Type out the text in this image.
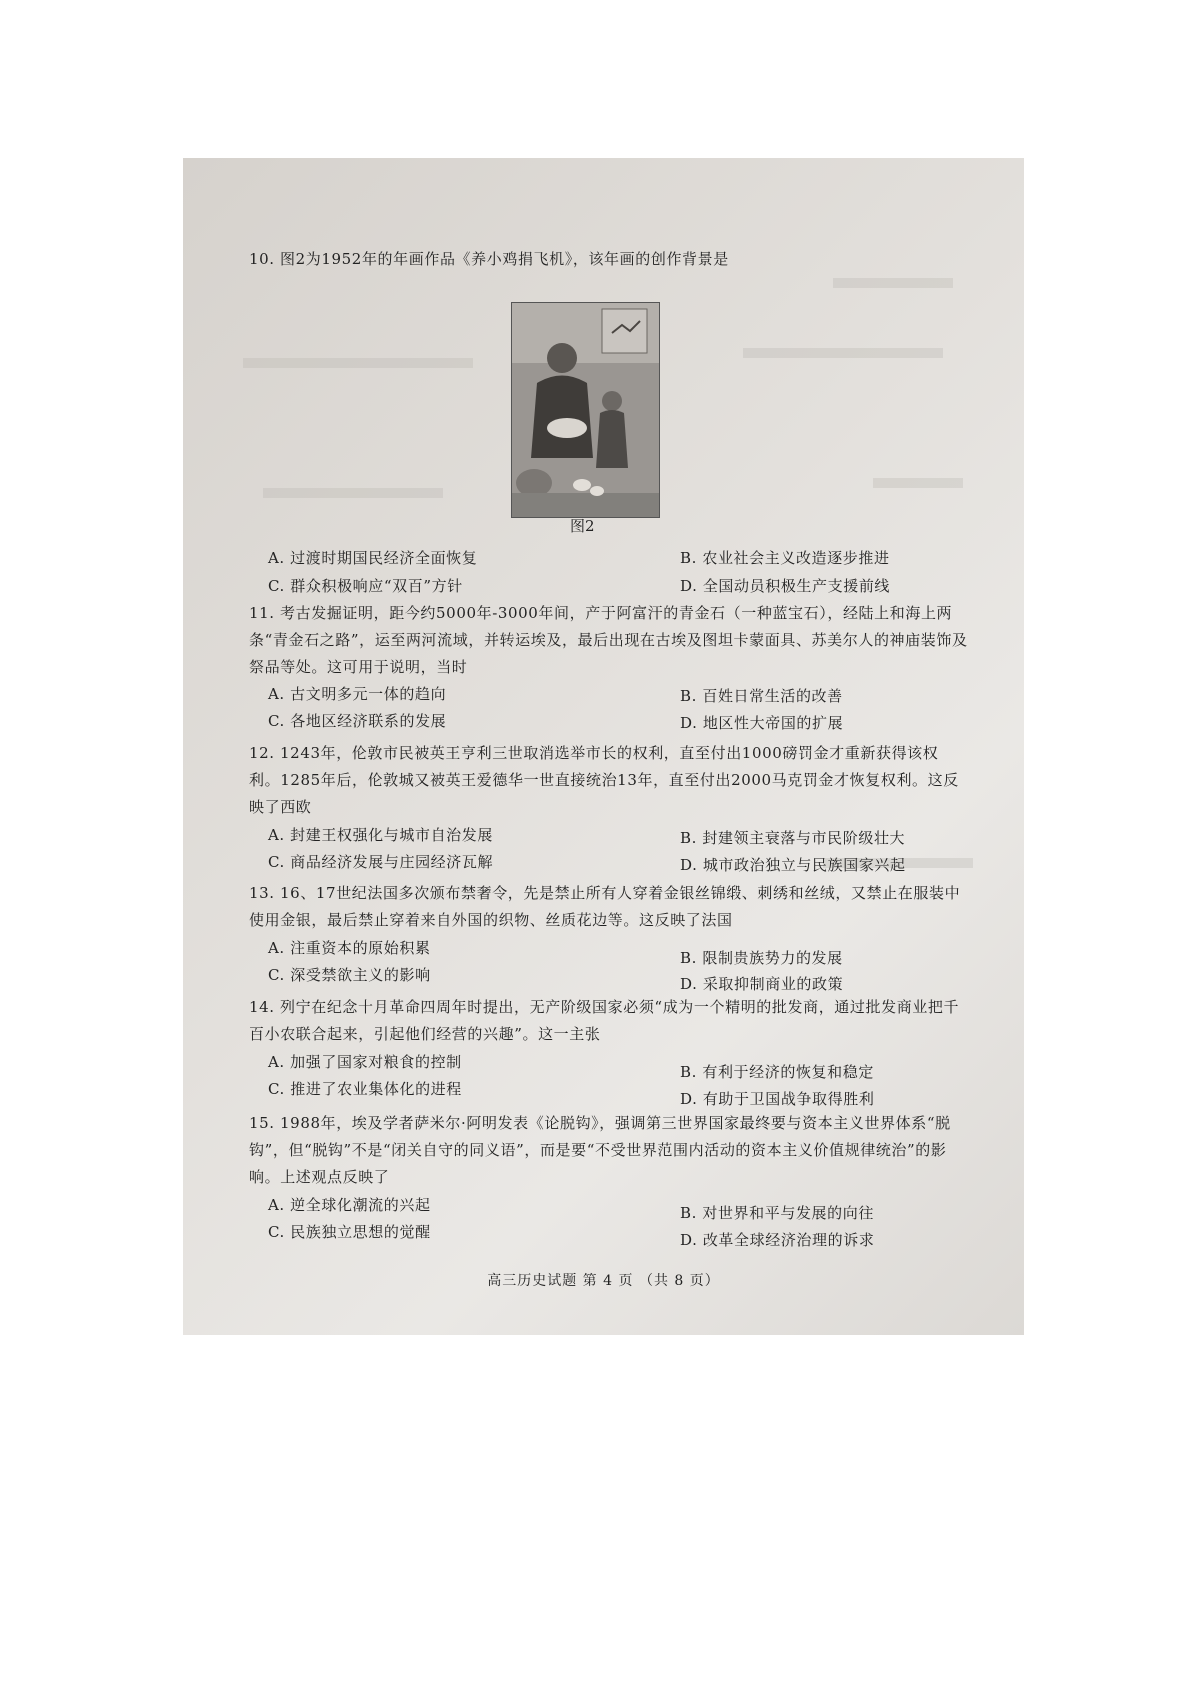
10. 图2为1952年的年画作品《养小鸡捐飞机》，该年画的创作背景是
图2
A. 过渡时期国民经济全面恢复	B. 农业社会主义改造逐步推进
C. 群众积极响应“双百”方针	D. 全国动员积极生产支援前线
11. 考古发掘证明，距今约5000年-3000年间，产于阿富汗的青金石（一种蓝宝石），经陆上和海上两条“青金石之路”，运至两河流域，并转运埃及，最后出现在古埃及图坦卡蒙面具、苏美尔人的神庙装饰及祭品等处。这可用于说明，当时
A. 古文明多元一体的趋向	B. 百姓日常生活的改善
C. 各地区经济联系的发展	D. 地区性大帝国的扩展
12. 1243年，伦敦市民被英王亨利三世取消选举市长的权利，直至付出1000磅罚金才重新获得该权利。1285年后，伦敦城又被英王爱德华一世直接统治13年，直至付出2000马克罚金才恢复权利。这反映了西欧
A. 封建王权强化与城市自治发展	B. 封建领主衰落与市民阶级壮大
C. 商品经济发展与庄园经济瓦解	D. 城市政治独立与民族国家兴起
13. 16、17世纪法国多次颁布禁奢令，先是禁止所有人穿着金银丝锦缎、刺绣和丝绒，又禁止在服装中使用金银，最后禁止穿着来自外国的织物、丝质花边等。这反映了法国
A. 注重资本的原始积累
B. 限制贵族势力的发展
C. 深受禁欲主义的影响	D. 采取抑制商业的政策
14. 列宁在纪念十月革命四周年时提出，无产阶级国家必须“成为一个精明的批发商，通过批发商业把千百小农联合起来，引起他们经营的兴趣”。这一主张
A. 加强了国家对粮食的控制
B. 有利于经济的恢复和稳定
C. 推进了农业集体化的进程
D. 有助于卫国战争取得胜利
15. 1988年，埃及学者萨米尔·阿明发表《论脱钩》，强调第三世界国家最终要与资本主义世界体系“脱钩”，但“脱钩”不是“闭关自守的同义语”，而是要“不受世界范围内活动的资本主义价值规律统治”的影响。上述观点反映了
A. 逆全球化潮流的兴起	B. 对世界和平与发展的向往
C. 民族独立思想的觉醒	D. 改革全球经济治理的诉求
高三历史试题 第 4 页 （共 8 页）
